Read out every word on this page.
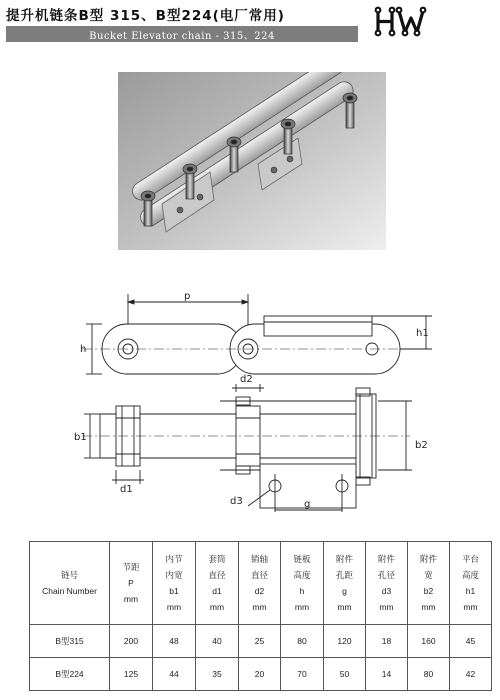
提升机链条B型 315、B型224(电厂常用)
Bucket Elevator chain - 315、224
p
h
h1
b1
d1
d2
d3
b2
g
链号
Chain Number	节距
P
mm	内节
内宽
b1
mm	套筒
直径
d1
mm	销轴
直径
d2
mm	链板
高度
h
mm	附件
孔距
g
mm	附件
孔径
d3
mm	附件
宽
b2
mm	平台
高度
h1
mm

B型315	200	48	40	25	80	120	18	160	45
B型224	125	44	35	20	70	50	14	80	42
